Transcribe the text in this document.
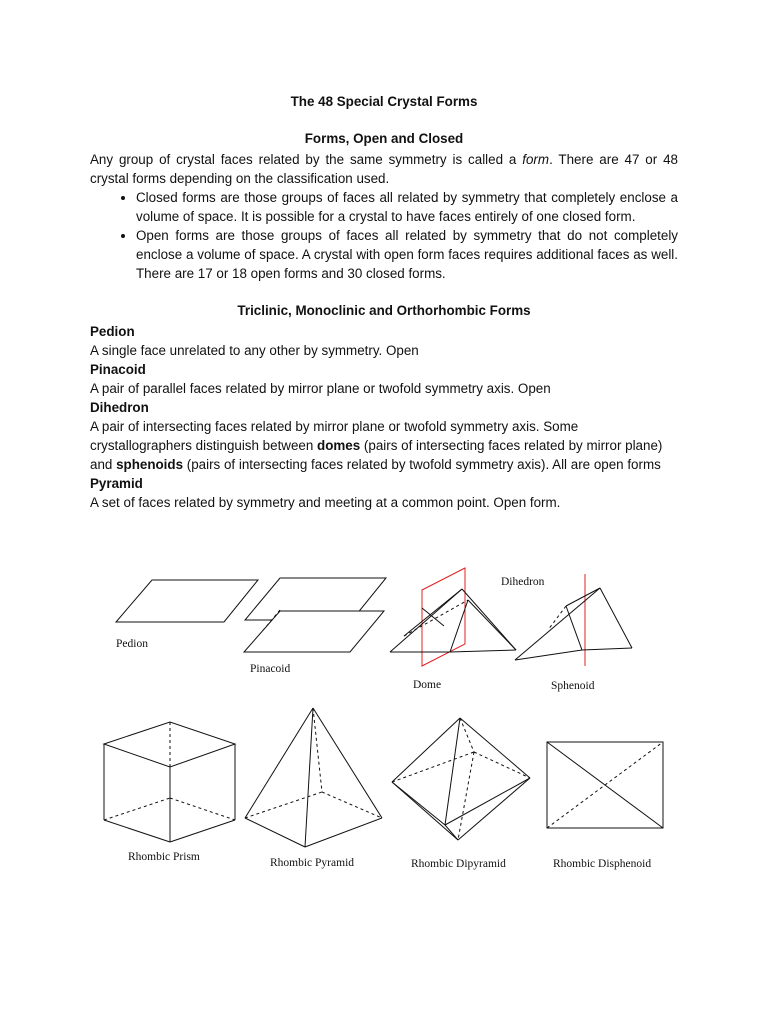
The 48 Special Crystal Forms
Forms, Open and Closed

Any group of crystal faces related by the same symmetry is called a form. There are 47 or 48 crystal forms depending on the classification used.

• Closed forms are those groups of faces all related by symmetry that completely enclose a volume of space. It is possible for a crystal to have faces entirely of one closed form.
• Open forms are those groups of faces all related by symmetry that do not completely enclose a volume of space. A crystal with open form faces requires additional faces as well. There are 17 or 18 open forms and 30 closed forms.
Triclinic, Monoclinic and Orthorhombic Forms

Pedion

A single face unrelated to any other by symmetry. Open

Pinacoid

A pair of parallel faces related by mirror plane or twofold symmetry axis. Open

Dihedron

A pair of intersecting faces related by mirror plane or twofold symmetry axis. Some crystallographers distinguish between domes (pairs of intersecting faces related by mirror plane) and sphenoids (pairs of intersecting faces related by twofold symmetry axis). All are open forms

Pyramid

A set of faces related by symmetry and meeting at a common point. Open form.

Pedion
Pinacoid
Dihedron
Dome	Sphenoid
Rhombic Prism	Rhombic Pyramid	Rhombic Dipyramid	Rhombic Disphenoid
